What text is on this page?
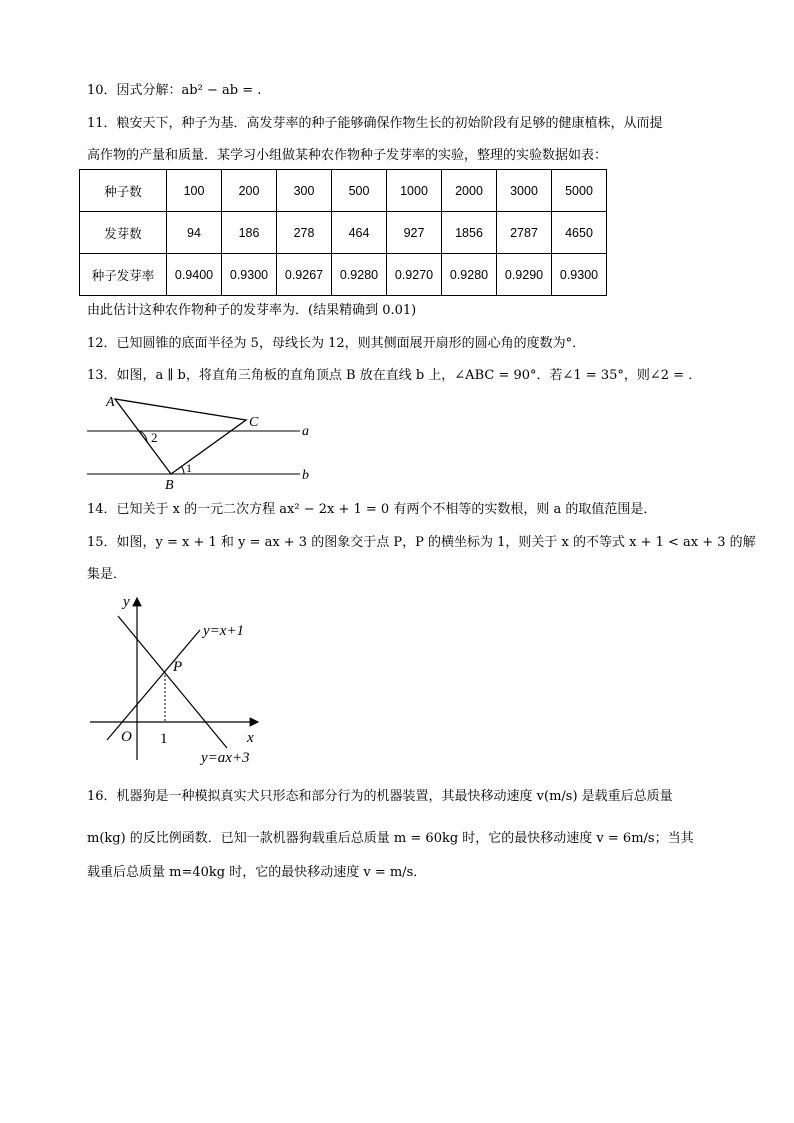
10．因式分解：ab² − ab = .
11．粮安天下，种子为基．高发芽率的种子能够确保作物生长的初始阶段有足够的健康植株，从而提
高作物的产量和质量．某学习小组做某种农作物种子发芽率的实验，整理的实验数据如表：
种子数	100	200	300	500	1000	2000	3000	5000
发芽数	94	186	278	464	927	1856	2787	4650
种子发芽率	0.9400	0.9300	0.9267	0.9280	0.9270	0.9280	0.9290	0.9300
由此估计这种农作物种子的发芽率为．(结果精确到 0.01)
12．已知圆锥的底面半径为 5，母线长为 12，则其侧面展开扇形的圆心角的度数为°．
13．如图，a ∥ b，将直角三角板的直角顶点 B 放在直线 b 上，∠ABC = 90°．若∠1 = 35°，则∠2 = ．
A
B
C
a
b
1
2
14．已知关于 x 的一元二次方程 ax² − 2x + 1 = 0 有两个不相等的实数根，则 a 的取值范围是．
15．如图，y = x + 1 和 y = ax + 3 的图象交于点 P，P 的横坐标为 1，则关于 x 的不等式 x + 1 < ax + 3 的解
集是．
y
x
O 1
P
y=x+1
y=ax+3
16．机器狗是一种模拟真实犬只形态和部分行为的机器装置，其最快移动速度 v(m/s) 是载重后总质量
m(kg) 的反比例函数．已知一款机器狗载重后总质量 m = 60kg 时，它的最快移动速度 v = 6m/s；当其
载重后总质量 m=40kg 时，它的最快移动速度 v = m/s．
